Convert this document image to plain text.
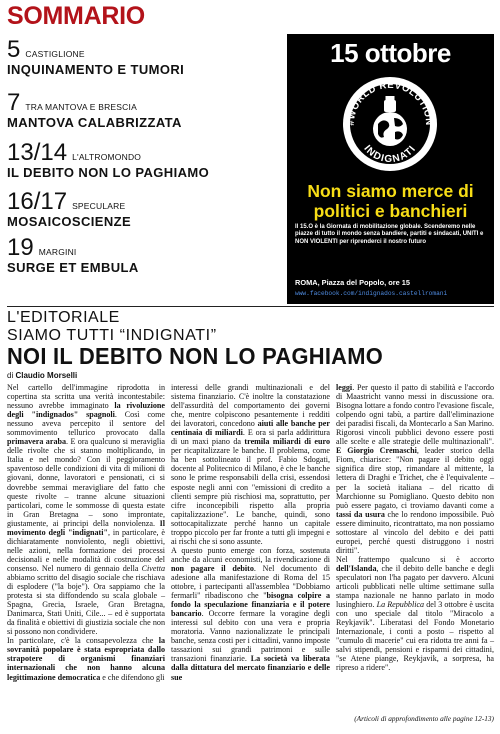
SOMMARIO
5 CASTIGLIONE
INQUINAMENTO E TUMORI
7 TRA MANTOVA E BRESCIA
MANTOVA CALABRIZZATA
13/14 L'ALTROMONDO
IL DEBITO NON LO PAGHIAMO
16/17 SPECULARE
MOSAICOSCIENZE
19 MARGINI
SURGE ET EMBULA
15 ottobre
#WORLD REVOLUTION
INDIGNATI
Non siamo merce di
politici e banchieri
Il 15.O è la Giornata di mobilitazione globale. Scenderemo nelle piazze di tutto il mondo senza bandiere, partiti e sindacati, UNITI e NON VIOLENTI per riprenderci il nostro futuro
ROMA, Piazza del Popolo, ore 15
www.facebook.com/indignados.castellromani
L'EDITORIALE
SIAMO TUTTI “INDIGNATI”
NOI IL DEBITO NON LO PAGHIAMO
di Claudio Morselli
Nel cartello dell'immagine riprodotta in copertina sta scritta una verità incontestabile: nessuno avrebbe immaginato la rivoluzione degli "indignados" spagnoli. Così come nessuno aveva percepito il sentore del sommovimento tellurico provocato dalla primavera araba. E ora qualcuno si meraviglia delle rivolte che si stanno moltiplicando, in Italia e nel mondo? Con il peggioramento spaventoso delle condizioni di vita di milioni di giovani, donne, lavoratori e pensionati, ci si dovrebbe semmai meravigliare del fatto che queste rivolte – tranne alcune situazioni particolari, come le sommosse di questa estate in Gran Bretagna – sono improntate, giustamente, ai principi della nonviolenza. Il movimento degli "indignati", in particolare, è dichiaratamente nonviolento, negli obiettivi, nelle azioni, nella formazione dei processi decisionali e nelle modalità di costruzione del consenso. Nel numero di gennaio della Civetta abbiamo scritto del disagio sociale che rischiava di esplodere ("la boje"). Ora sappiamo che la protesta si sta diffondendo su scala globale – Spagna, Grecia, Israele, Gran Bretagna, Danimarca, Stati Uniti, Cile... – ed è supportata da finalità e obiettivi di giustizia sociale che non si possono non condividere.
In particolare, c'è la consapevolezza che la sovranità popolare è stata espropriata dallo strapotere di organismi finanziari internazionali che non hanno alcuna legittimazione democratica e che difendono gli
interessi delle grandi multinazionali e del sistema finanziario. C'è inoltre la constatazione dell'assurdità del comportamento dei governi che, mentre colpiscono pesantemente i redditi dei lavoratori, concedono aiuti alle banche per centinaia di miliardi. E ora si parla addirittura di un maxi piano da tremila miliardi di euro per ricapitalizzare le banche. Il problema, come ha ben sottolineato il prof. Fabio Sdogati, docente al Politecnico di Milano, è che le banche sono le prime responsabili della crisi, essendosi esposte negli anni con "emissioni di credito a clienti sempre più rischiosi ma, soprattutto, per cifre inconcepibili rispetto alla propria capitalizzazione". Le banche, quindi, sono sottocapitalizzate perché hanno un capitale troppo piccolo per far fronte a tutti gli impegni e ai rischi che si sono assunte.
A questo punto emerge con forza, sostenuta anche da alcuni economisti, la rivendicazione di non pagare il debito. Nel documento di adesione alla manifestazione di Roma del 15 ottobre, i partecipanti all'assemblea "Dobbiamo fermarli" ribadiscono che "bisogna colpire a fondo la speculazione finanziaria e il potere bancario. Occorre fermare la voragine degli interessi sul debito con una vera e propria moratoria. Vanno nazionalizzate le principali banche, senza costi per i cittadini, vanno imposte tassazioni sui grandi patrimoni e sulle transazioni finanziarie. La società va liberata dalla dittatura del mercato finanziario e delle sue
leggi. Per questo il patto di stabilità e l'accordo di Maastricht vanno messi in discussione ora. Bisogna lottare a fondo contro l'evasione fiscale, colpendo ogni tabù, a partire dall'eliminazione dei paradisi fiscali, da Montecarlo a San Marino. Rigorosi vincoli pubblici devono essere posti alle scelte e alle strategie delle multinazionali". E Giorgio Cremaschi, leader storico della Fiom, chiarisce: "Non pagare il debito oggi significa dire stop, rimandare al mittente, la lettera di Draghi e Trichet, che è l'equivalente – per la società italiana – del ricatto di Marchionne su Pomigliano. Questo debito non può essere pagato, ci troviamo davanti come a tassi da usura che lo rendono impossibile. Può essere diminuito, ricontrattato, ma non possiamo sottostare al vincolo del debito e dei patti europei, perché questi distruggono i nostri diritti".
Nel frattempo qualcuno si è accorto dell'Islanda, che il debito delle banche e degli speculatori non l'ha pagato per davvero. Alcuni articoli pubblicati nelle ultime settimane sulla stampa nazionale ne hanno parlato in modo lusinghiero. La Repubblica del 3 ottobre è uscita con uno speciale dal titolo "Miracolo a Reykjavik". Liberatasi del Fondo Monetario Internazionale, i conti a posto – rispetto al "cumulo di macerie" cui era ridotta tre anni fa – salvi stipendi, pensioni e risparmi dei cittadini, "se Atene piange, Reykjavik, a sorpresa, ha ripreso a ridere".
(Articoli di approfondimento alle pagine 12-13)
